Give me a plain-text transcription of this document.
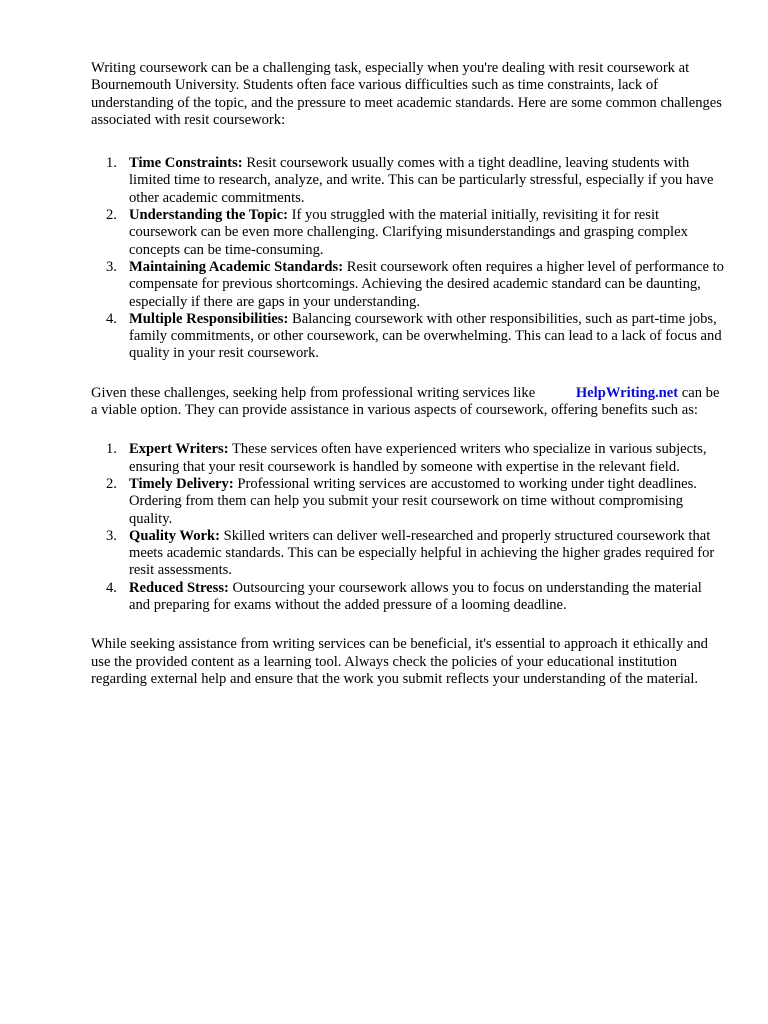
Writing coursework can be a challenging task, especially when you're dealing with resit coursework at Bournemouth University. Students often face various difficulties such as time constraints, lack of understanding of the topic, and the pressure to meet academic standards. Here are some common challenges associated with resit coursework:

1. Time Constraints: Resit coursework usually comes with a tight deadline, leaving students with limited time to research, analyze, and write. This can be particularly stressful, especially if you have other academic commitments.
2. Understanding the Topic: If you struggled with the material initially, revisiting it for resit coursework can be even more challenging. Clarifying misunderstandings and grasping complex concepts can be time-consuming.
3. Maintaining Academic Standards: Resit coursework often requires a higher level of performance to compensate for previous shortcomings. Achieving the desired academic standard can be daunting, especially if there are gaps in your understanding.
4. Multiple Responsibilities: Balancing coursework with other responsibilities, such as part-time jobs, family commitments, or other coursework, can be overwhelming. This can lead to a lack of focus and quality in your resit coursework.

Given these challenges, seeking help from professional writing services like	HelpWriting.net can be a viable option. They can provide assistance in various aspects of coursework, offering benefits such as:

1. Expert Writers: These services often have experienced writers who specialize in various subjects, ensuring that your resit coursework is handled by someone with expertise in the relevant field.
2. Timely Delivery: Professional writing services are accustomed to working under tight deadlines. Ordering from them can help you submit your resit coursework on time without compromising quality.
3. Quality Work: Skilled writers can deliver well-researched and properly structured coursework that meets academic standards. This can be especially helpful in achieving the higher grades required for resit assessments.
4. Reduced Stress: Outsourcing your coursework allows you to focus on understanding the material and preparing for exams without the added pressure of a looming deadline.

While seeking assistance from writing services can be beneficial, it's essential to approach it ethically and use the provided content as a learning tool. Always check the policies of your educational institution regarding external help and ensure that the work you submit reflects your understanding of the material.
